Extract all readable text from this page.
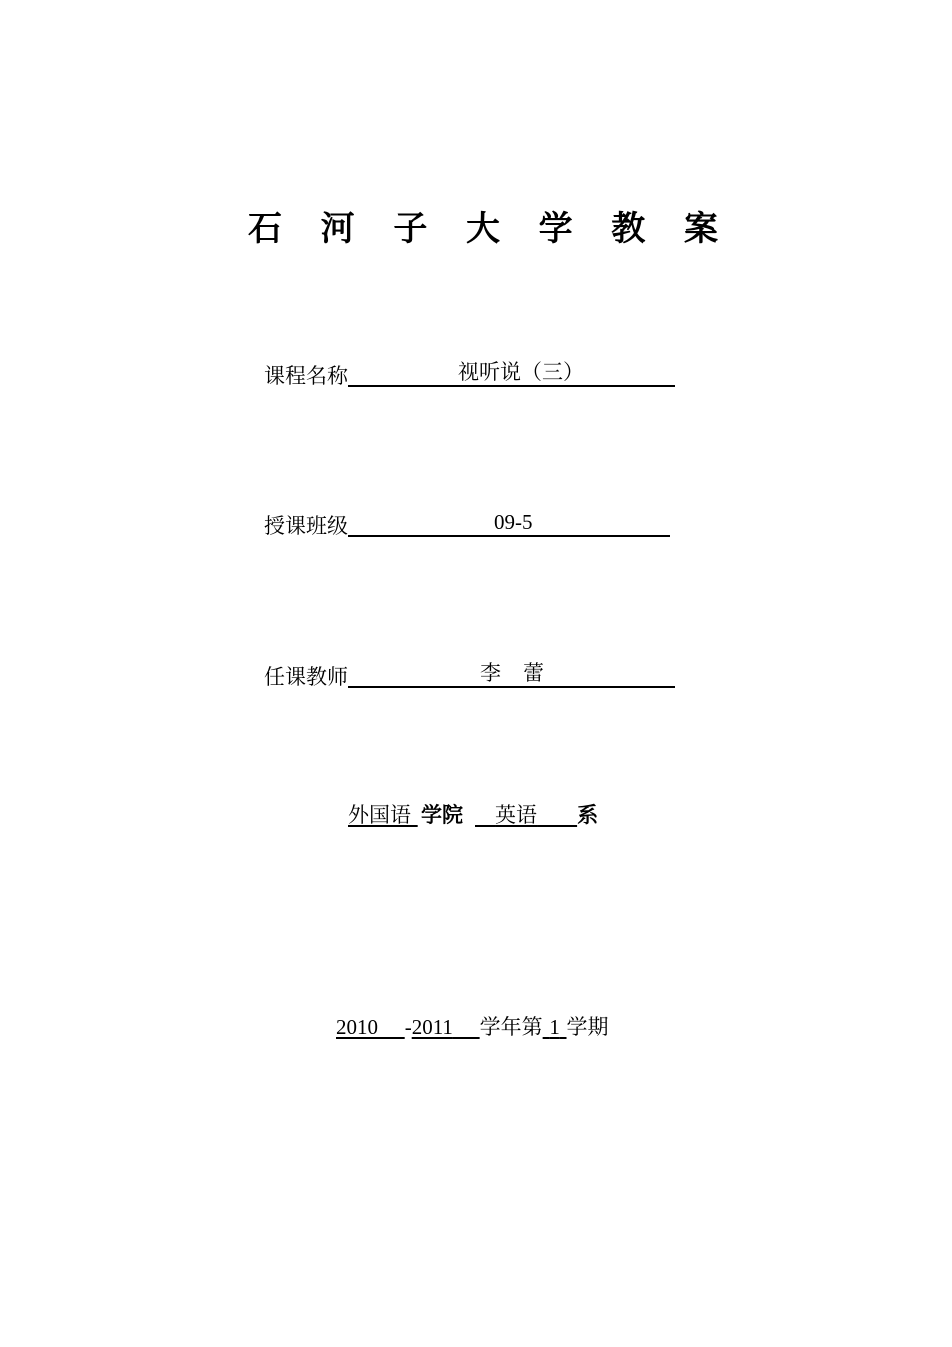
石 河 子 大 学 教 案
课程名称	视听说（三）
授课班级	09-5
任课教师	李蕾
外国语 学院 英语 系
2010 -2011 学年第 1 学期
